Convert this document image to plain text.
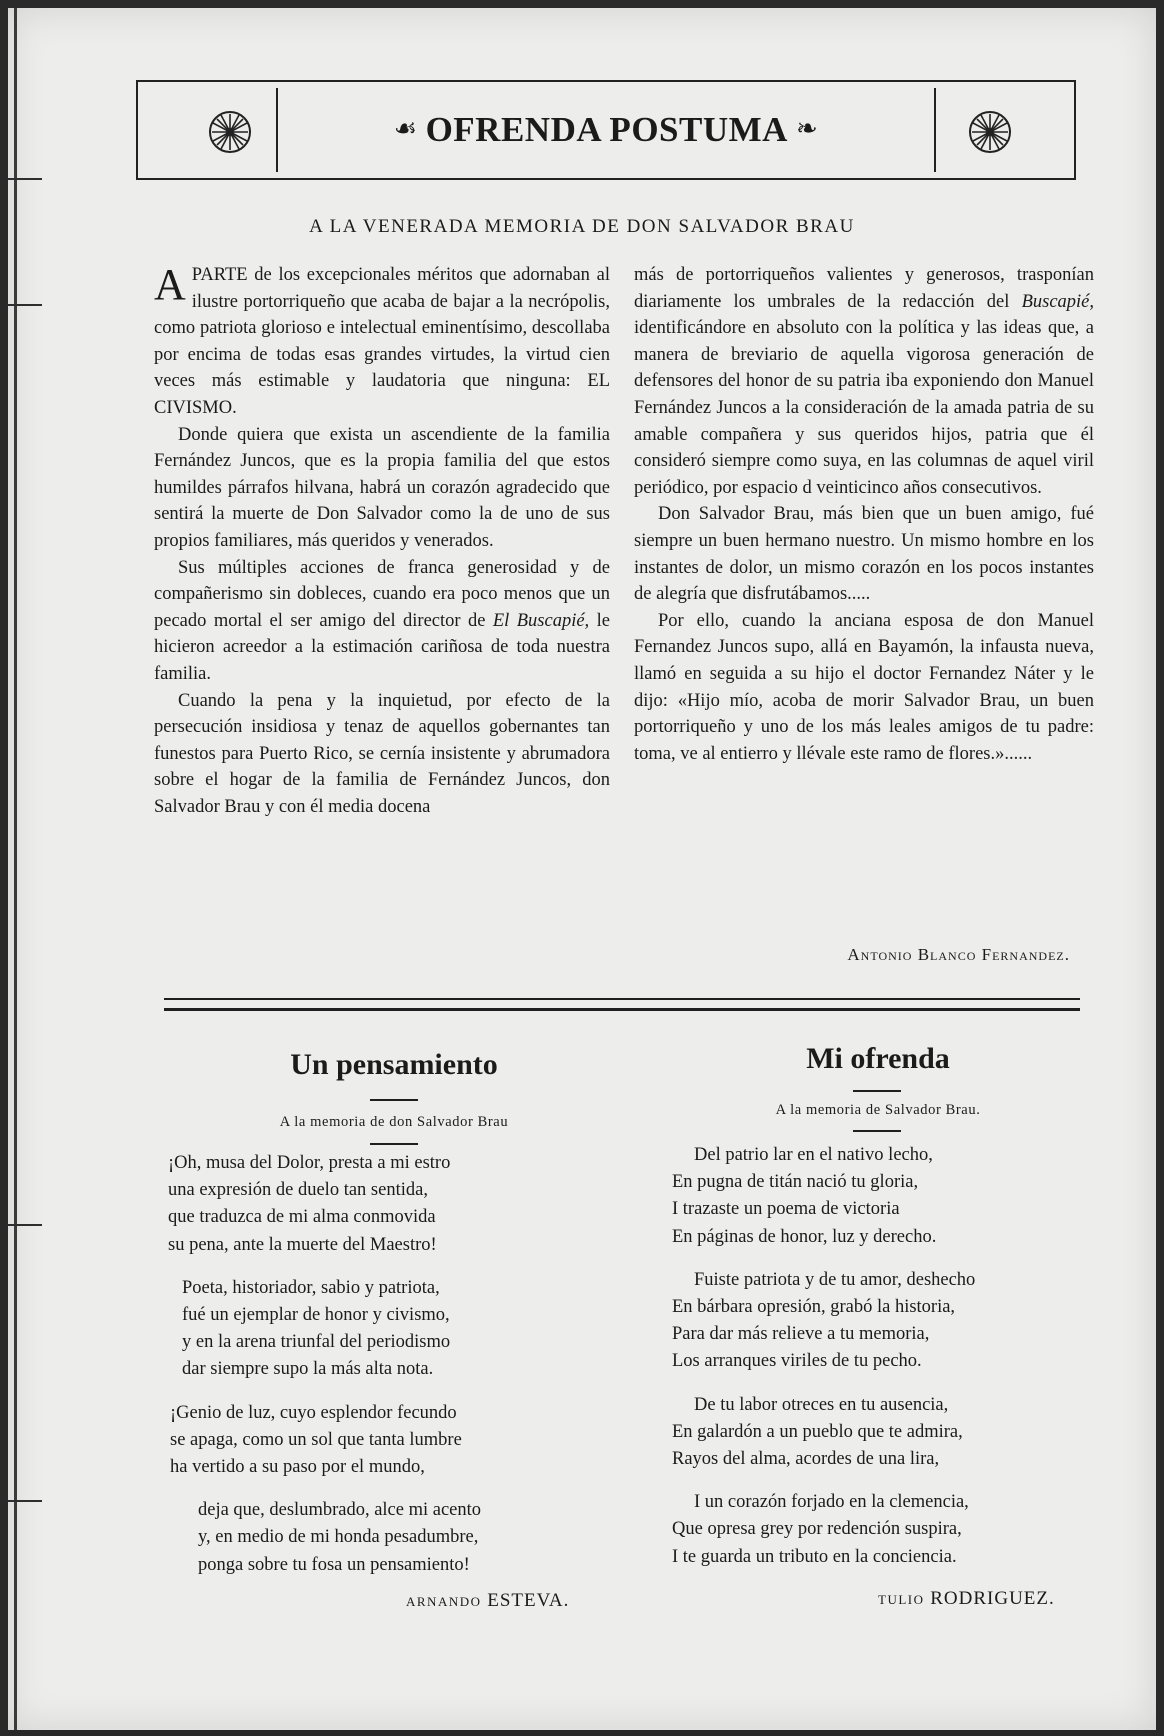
☙ OFRENDA POSTUMA ❧
A LA VENERADA MEMORIA DE DON SALVADOR BRAU

APARTE de los excepcionales méritos que adornaban al ilustre portorriqueño que acaba de bajar a la necrópolis, como patriota glorioso e intelectual eminentísimo, descollaba por encima de todas esas grandes virtudes, la virtud cien veces más estimable y laudatoria que ninguna: EL CIVISMO.

Donde quiera que exista un ascendiente de la familia Fernández Juncos, que es la propia familia del que estos humildes párrafos hilvana, habrá un corazón agradecido que sentirá la muerte de Don Salvador como la de uno de sus propios familiares, más queridos y venerados.

Sus múltiples acciones de franca generosidad y de compañerismo sin dobleces, cuando era poco menos que un pecado mortal el ser amigo del director de El Buscapié, le hicieron acreedor a la estimación cariñosa de toda nuestra familia.

Cuando la pena y la inquietud, por efecto de la persecución insidiosa y tenaz de aquellos gobernantes tan funestos para Puerto Rico, se cernía insistente y abrumadora sobre el hogar de la familia de Fernández Juncos, don Salvador Brau y con él media docena

más de portorriqueños valientes y generosos, trasponían diariamente los umbrales de la redacción del Buscapié, identificándore en absoluto con la política y las ideas que, a manera de breviario de aquella vigorosa generación de defensores del honor de su patria iba exponiendo don Manuel Fernández Juncos a la consideración de la amada patria de su amable compañera y sus queridos hijos, patria que él consideró siempre como suya, en las columnas de aquel viril periódico, por espacio d veinticinco años consecutivos.

Don Salvador Brau, más bien que un buen amigo, fué siempre un buen hermano nuestro. Un mismo hombre en los instantes de dolor, un mismo corazón en los pocos instantes de alegría que disfrutábamos.....

Por ello, cuando la anciana esposa de don Manuel Fernandez Juncos supo, allá en Bayamón, la infausta nueva, llamó en seguida a su hijo el doctor Fernandez Náter y le dijo: «Hijo mío, acoba de morir Salvador Brau, un buen portorriqueño y uno de los más leales amigos de tu padre: toma, ve al entierro y llévale este ramo de flores.»......

Antonio Blanco Fernandez.
Un pensamiento
A la memoria de don Salvador Brau
¡Oh, musa del Dolor, presta a mi estro
una expresión de duelo tan sentida,
que traduzca de mi alma conmovida
su pena, ante la muerte del Maestro!
Poeta, historiador, sabio y patriota,
fué un ejemplar de honor y civismo,
y en la arena triunfal del periodismo
dar siempre supo la más alta nota.
¡Genio de luz, cuyo esplendor fecundo
se apaga, como un sol que tanta lumbre
ha vertido a su paso por el mundo,
deja que, deslumbrado, alce mi acento
y, en medio de mi honda pesadumbre,
ponga sobre tu fosa un pensamiento!
ARNANDO ESTEVA.
Mi ofrenda
A la memoria de Salvador Brau.
Del patrio lar en el nativo lecho,
En pugna de titán nació tu gloria,
I trazaste un poema de victoria
En páginas de honor, luz y derecho.
Fuiste patriota y de tu amor, deshecho
En bárbara opresión, grabó la historia,
Para dar más relieve a tu memoria,
Los arranques viriles de tu pecho.
De tu labor otreces en tu ausencia,
En galardón a un pueblo que te admira,
Rayos del alma, acordes de una lira,
I un corazón forjado en la clemencia,
Que opresa grey por redención suspira,
I te guarda un tributo en la conciencia.
TULIO RODRIGUEZ.
